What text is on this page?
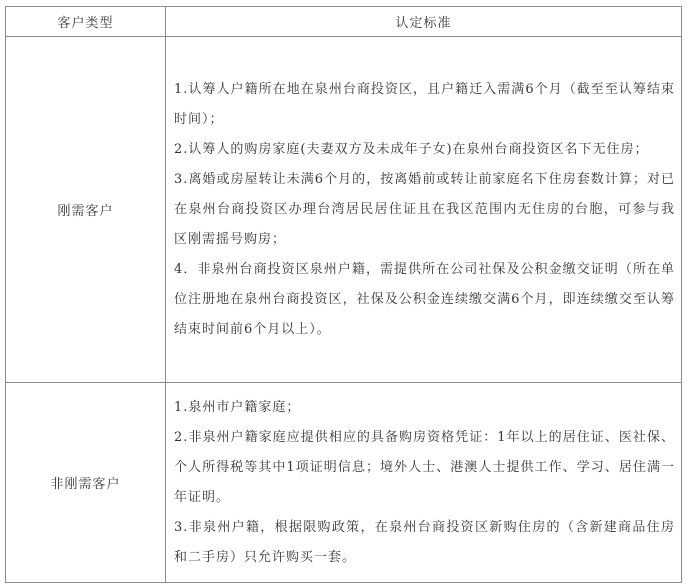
客户类型	认定标准
刚需客户	1.认筹人户籍所在地在泉州台商投资区，且户籍迁入需满6个月（截至至认筹结束时间）；

2.认筹人的购房家庭(夫妻双方及未成年子女)在泉州台商投资区名下无住房；

3.离婚或房屋转让未满6个月的，按离婚前或转让前家庭名下住房套数计算；对已在泉州台商投资区办理台湾居民居住证且在我区范围内无住房的台胞，可参与我区刚需摇号购房；

4．非泉州台商投资区泉州户籍，需提供所在公司社保及公积金缴交证明（所在单位注册地在泉州台商投资区，社保及公积金连续缴交满6个月，即连续缴交至认筹结束时间前6个月以上）。

非刚需客户	1.泉州市户籍家庭；

2.非泉州户籍家庭应提供相应的具备购房资格凭证：1年以上的居住证、医社保、个人所得税等其中1项证明信息；境外人士、港澳人士提供工作、学习、居住满一年证明。

3.非泉州户籍，根据限购政策，在泉州台商投资区新购住房的（含新建商品住房和二手房）只允许购买一套。
